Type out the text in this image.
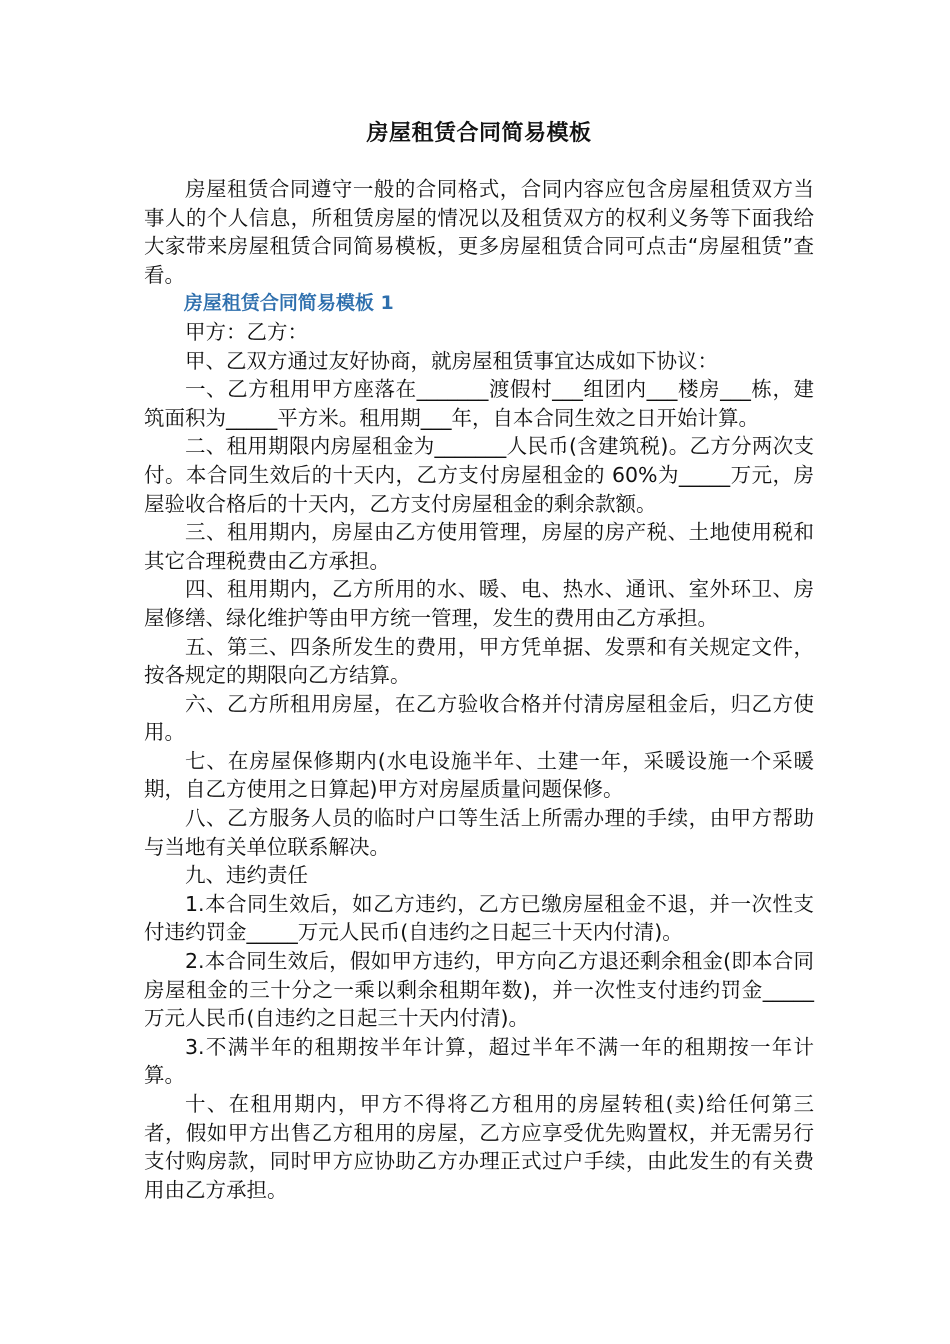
房屋租赁合同简易模板

房屋租赁合同遵守一般的合同格式，合同内容应包含房屋租赁双方当事人的个人信息，所租赁房屋的情况以及租赁双方的权利义务等下面我给大家带来房屋租赁合同简易模板，更多房屋租赁合同可点击“房屋租赁”查看。

房屋租赁合同简易模板 1

甲方：乙方：

甲、乙双方通过友好协商，就房屋租赁事宜达成如下协议：

一、乙方租用甲方座落在_______渡假村___组团内___楼房___栋，建筑面积为_____平方米。租用期___年，自本合同生效之日开始计算。

二、租用期限内房屋租金为_______人民币(含建筑税)。乙方分两次支付。本合同生效后的十天内，乙方支付房屋租金的 60%为_____万元，房屋验收合格后的十天内，乙方支付房屋租金的剩余款额。

三、租用期内，房屋由乙方使用管理，房屋的房产税、土地使用税和其它合理税费由乙方承担。

四、租用期内，乙方所用的水、暖、电、热水、通讯、室外环卫、房屋修缮、绿化维护等由甲方统一管理，发生的费用由乙方承担。

五、第三、四条所发生的费用，甲方凭单据、发票和有关规定文件，按各规定的期限向乙方结算。

六、乙方所租用房屋，在乙方验收合格并付清房屋租金后，归乙方使用。

七、在房屋保修期内(水电设施半年、土建一年，采暖设施一个采暖期，自乙方使用之日算起)甲方对房屋质量问题保修。

八、乙方服务人员的临时户口等生活上所需办理的手续，由甲方帮助与当地有关单位联系解决。

九、违约责任

1.本合同生效后，如乙方违约，乙方已缴房屋租金不退，并一次性支付违约罚金_____万元人民币(自违约之日起三十天内付清)。

2.本合同生效后，假如甲方违约，甲方向乙方退还剩余租金(即本合同房屋租金的三十分之一乘以剩余租期年数)，并一次性支付违约罚金_____万元人民币(自违约之日起三十天内付清)。

3.不满半年的租期按半年计算，超过半年不满一年的租期按一年计算。

十、在租用期内，甲方不得将乙方租用的房屋转租(卖)给任何第三者，假如甲方出售乙方租用的房屋，乙方应享受优先购置权，并无需另行支付购房款，同时甲方应协助乙方办理正式过户手续，由此发生的有关费用由乙方承担。
